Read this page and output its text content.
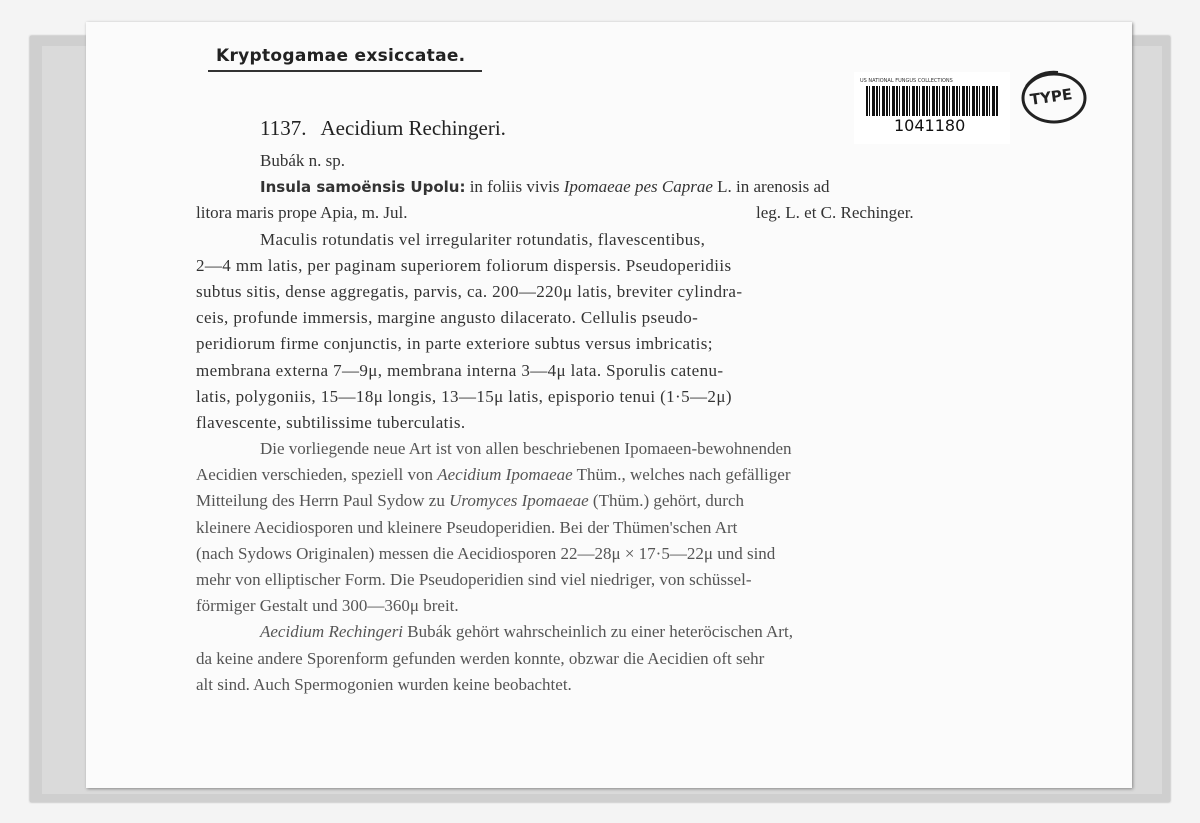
Kryptogamae exsiccatae.
US NATIONAL FUNGUS COLLECTIONS
1041180
TYPE
1137. Aecidium Rechingeri.
Bubák n. sp.
Insula samoënsis Upolu: in foliis vivis Ipomaeae pes Caprae L. in arenosis ad
litora maris prope Apia, m. Jul.	leg. L. et C. Rechinger.
Maculis rotundatis vel irregulariter rotundatis, flavescentibus,
2—4 mm latis, per paginam superiorem foliorum dispersis. Pseudoperidiis
subtus sitis, dense aggregatis, parvis, ca. 200—220μ latis, breviter cylindra-
ceis, profunde immersis, margine angusto dilacerato. Cellulis pseudo-
peridiorum firme conjunctis, in parte exteriore subtus versus imbricatis;
membrana externa 7—9μ, membrana interna 3—4μ lata. Sporulis catenu-
latis, polygoniis, 15—18μ longis, 13—15μ latis, episporio tenui (1·5—2μ)
flavescente, subtilissime tuberculatis.
Die vorliegende neue Art ist von allen beschriebenen Ipomaeen-bewohnenden
Aecidien verschieden, speziell von Aecidium Ipomaeae Thüm., welches nach gefälliger
Mitteilung des Herrn Paul Sydow zu Uromyces Ipomaeae (Thüm.) gehört, durch
kleinere Aecidiosporen und kleinere Pseudoperidien. Bei der Thümen'schen Art
(nach Sydows Originalen) messen die Aecidiosporen 22—28μ × 17·5—22μ und sind
mehr von elliptischer Form. Die Pseudoperidien sind viel niedriger, von schüssel-
förmiger Gestalt und 300—360μ breit.
Aecidium Rechingeri Bubák gehört wahrscheinlich zu einer heteröcischen Art,
da keine andere Sporenform gefunden werden konnte, obzwar die Aecidien oft sehr
alt sind. Auch Spermogonien wurden keine beobachtet.
